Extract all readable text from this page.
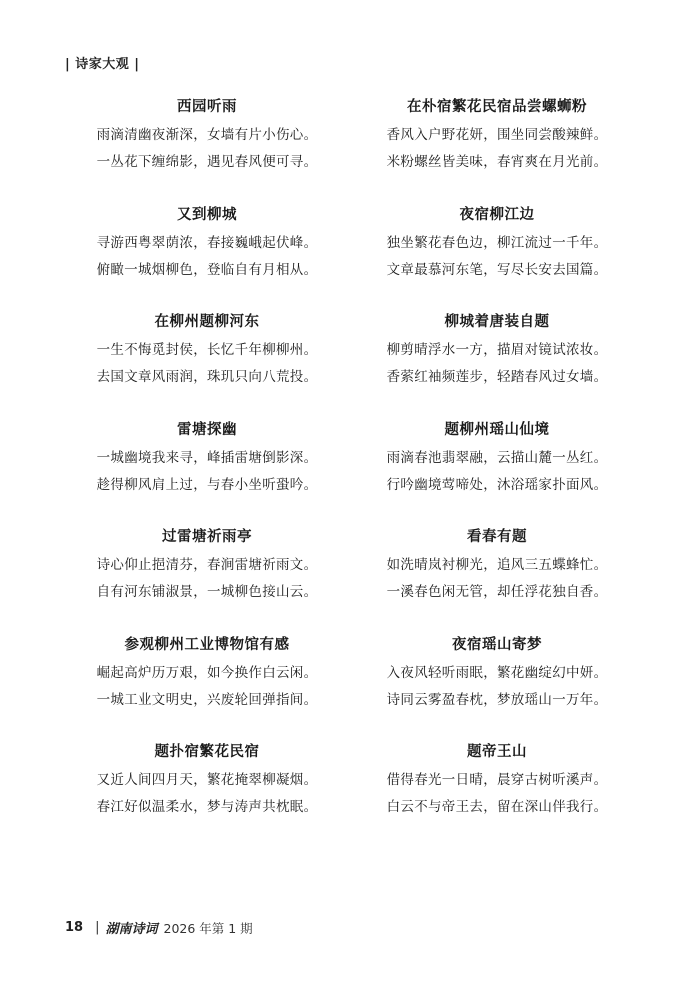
| 诗家大观 |
西园听雨
雨滴清幽夜渐深，女墙有片小伤心。
一丛花下缠绵影，遇见春风便可寻。
又到柳城
寻游西粤翠荫浓，春接巍峨起伏峰。
俯瞰一城烟柳色，登临自有月相从。
在柳州题柳河东
一生不悔觅封侯，长忆千年柳柳州。
去国文章风雨润，珠玑只向八荒投。
雷塘探幽
一城幽境我来寻，峰插雷塘倒影深。
趁得柳风肩上过，与春小坐听蛩吟。
过雷塘祈雨亭
诗心仰止挹清芬，春涧雷塘祈雨文。
自有河东铺淑景，一城柳色接山云。
参观柳州工业博物馆有感
崛起高炉历万艰，如今换作白云闲。
一城工业文明史，兴废轮回弹指间。
题扑宿繁花民宿
又近人间四月天，繁花掩翠柳凝烟。
春江好似温柔水，梦与涛声共枕眠。
在朴宿繁花民宿品尝螺蛳粉
香风入户野花妍，围坐同尝酸辣鲜。
米粉螺丝皆美味，春宵爽在月光前。
夜宿柳江边
独坐繁花春色边，柳江流过一千年。
文章最慕河东笔，写尽长安去国篇。
柳城着唐装自题
柳剪晴浮水一方，描眉对镜试浓妆。
香萦红袖频莲步，轻踏春风过女墙。
题柳州瑶山仙境
雨滴春池翡翠融，云描山麓一丛红。
行吟幽境莺啼处，沐浴瑶家扑面风。
看春有题
如洗晴岚衬柳光，追风三五蝶蜂忙。
一溪春色闲无管，却任浮花独自香。
夜宿瑶山寄梦
入夜风轻听雨眠，繁花幽绽幻中妍。
诗同云雾盈春枕，梦放瑶山一万年。
题帝王山
借得春光一日晴，晨穿古树听溪声。
白云不与帝王去，留在深山伴我行。
18 | 湖南诗词 2026 年第 1 期
